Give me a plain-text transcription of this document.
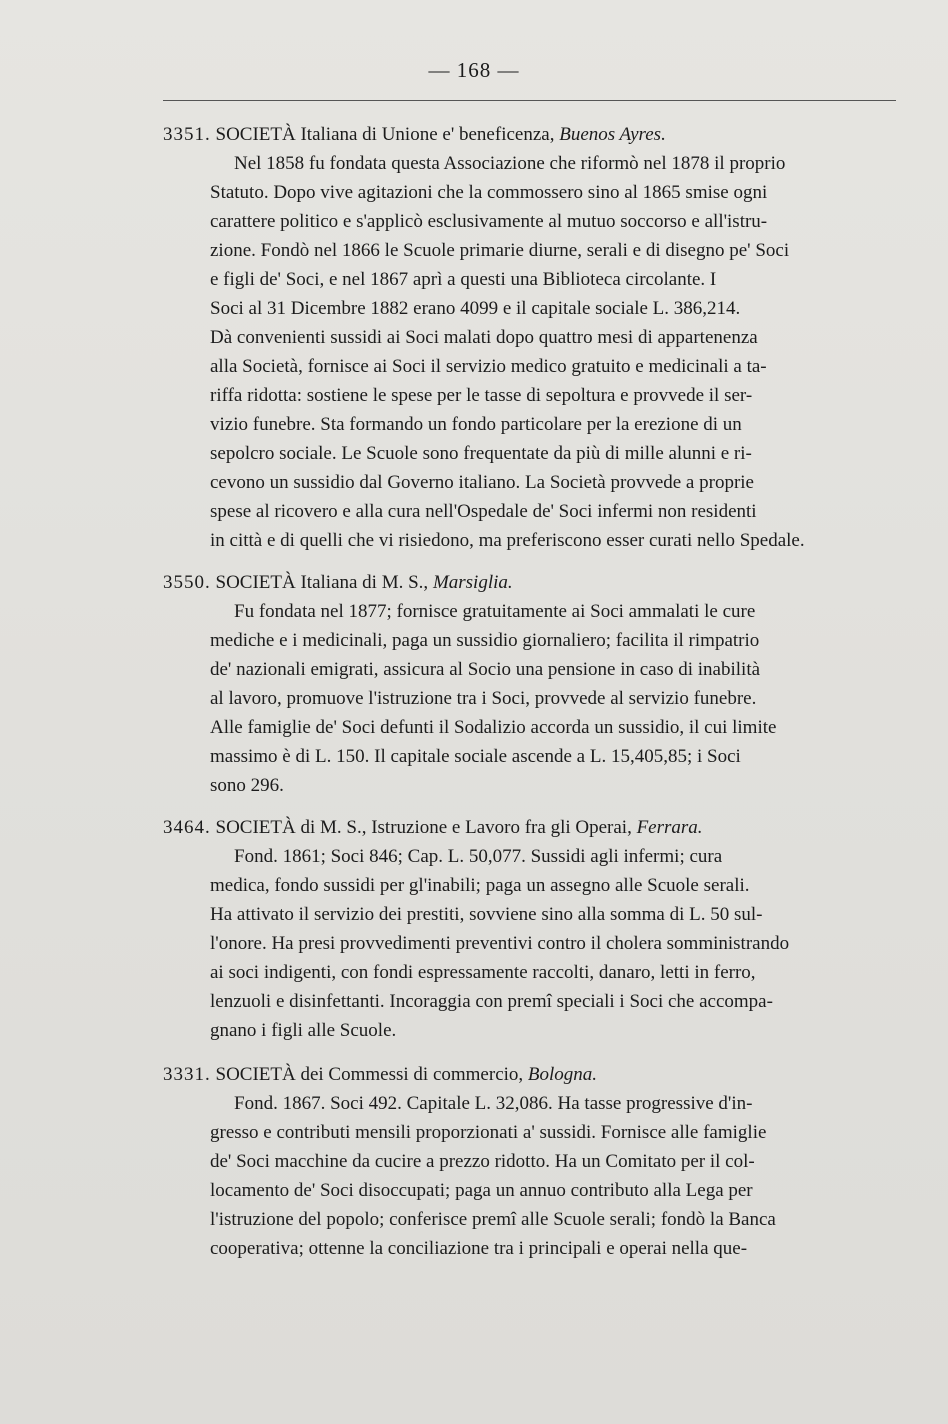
— 168 —
3351. SOCIETÀ Italiana di Unione e' beneficenza, Buenos Ayres.
Nel 1858 fu fondata questa Associazione che riformò nel 1878 il proprio
Statuto. Dopo vive agitazioni che la commossero sino al 1865 smise ogni
carattere politico e s'applicò esclusivamente al mutuo soccorso e all'istru-
zione. Fondò nel 1866 le Scuole primarie diurne, serali e di disegno pe' Soci
e figli de' Soci, e nel 1867 aprì a questi una Biblioteca circolante. I
Soci al 31 Dicembre 1882 erano 4099 e il capitale sociale L. 386,214.
Dà convenienti sussidi ai Soci malati dopo quattro mesi di appartenenza
alla Società, fornisce ai Soci il servizio medico gratuito e medicinali a ta-
riffa ridotta: sostiene le spese per le tasse di sepoltura e provvede il ser-
vizio funebre. Sta formando un fondo particolare per la erezione di un
sepolcro sociale. Le Scuole sono frequentate da più di mille alunni e ri-
cevono un sussidio dal Governo italiano. La Società provvede a proprie
spese al ricovero e alla cura nell'Ospedale de' Soci infermi non residenti
in città e di quelli che vi risiedono, ma preferiscono esser curati nello Spedale.
3550. SOCIETÀ Italiana di M. S., Marsiglia.
Fu fondata nel 1877; fornisce gratuitamente ai Soci ammalati le cure
mediche e i medicinali, paga un sussidio giornaliero; facilita il rimpatrio
de' nazionali emigrati, assicura al Socio una pensione in caso di inabilità
al lavoro, promuove l'istruzione tra i Soci, provvede al servizio funebre.
Alle famiglie de' Soci defunti il Sodalizio accorda un sussidio, il cui limite
massimo è di L. 150. Il capitale sociale ascende a L. 15,405,85; i Soci
sono 296.
3464. SOCIETÀ di M. S., Istruzione e Lavoro fra gli Operai, Ferrara.
Fond. 1861; Soci 846; Cap. L. 50,077. Sussidi agli infermi; cura
medica, fondo sussidi per gl'inabili; paga un assegno alle Scuole serali.
Ha attivato il servizio dei prestiti, sovviene sino alla somma di L. 50 sul-
l'onore. Ha presi provvedimenti preventivi contro il cholera somministrando
ai soci indigenti, con fondi espressamente raccolti, danaro, letti in ferro,
lenzuoli e disinfettanti. Incoraggia con premî speciali i Soci che accompa-
gnano i figli alle Scuole.
3331. SOCIETÀ dei Commessi di commercio, Bologna.
Fond. 1867. Soci 492. Capitale L. 32,086. Ha tasse progressive d'in-
gresso e contributi mensili proporzionati a' sussidi. Fornisce alle famiglie
de' Soci macchine da cucire a prezzo ridotto. Ha un Comitato per il col-
locamento de' Soci disoccupati; paga un annuo contributo alla Lega per
l'istruzione del popolo; conferisce premî alle Scuole serali; fondò la Banca
cooperativa; ottenne la conciliazione tra i principali e operai nella que-
